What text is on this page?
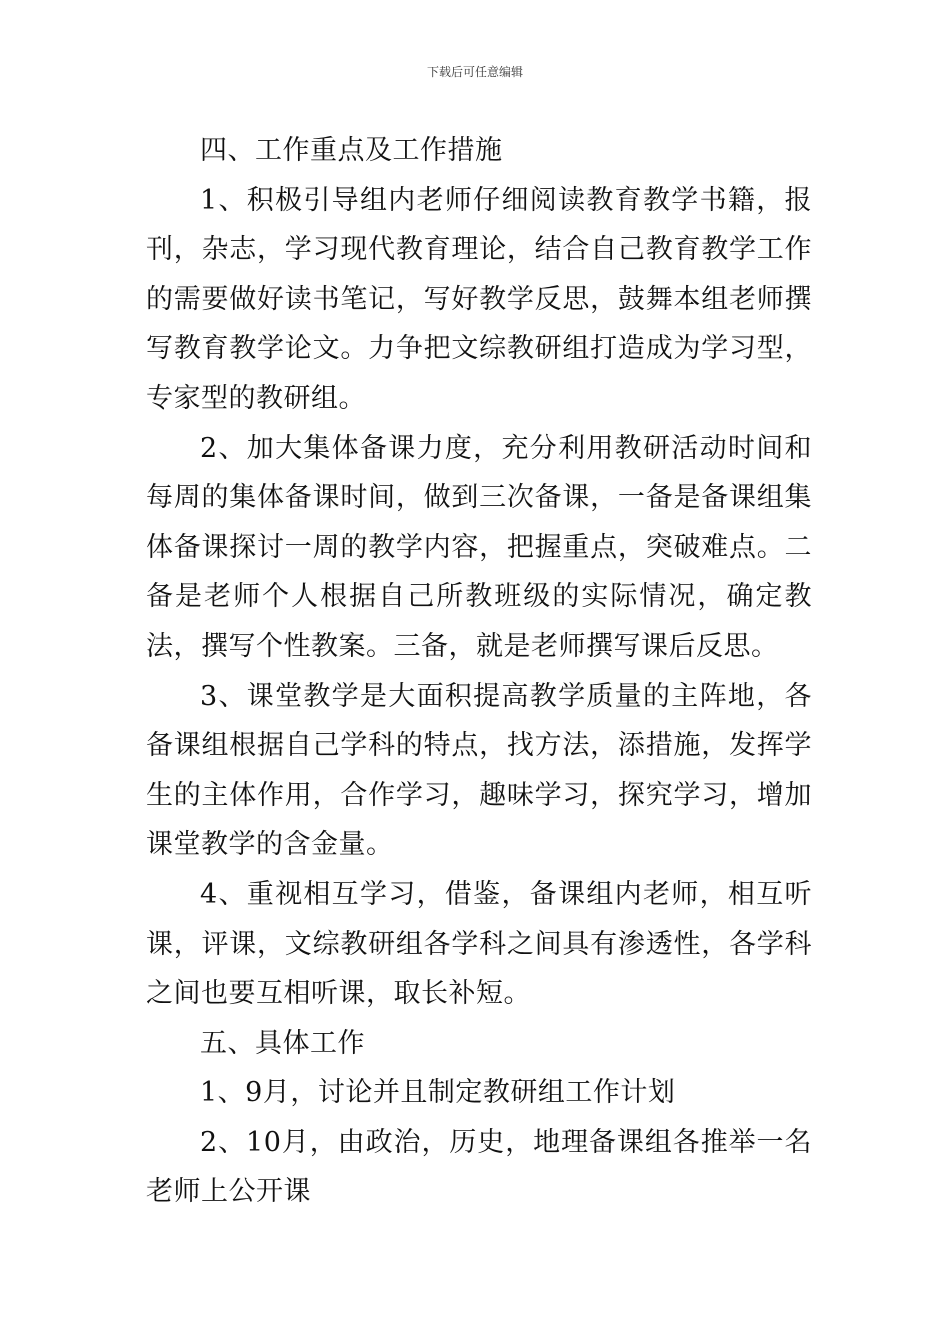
下载后可任意编辑

四、工作重点及工作措施

1、积极引导组内老师仔细阅读教育教学书籍，报刊，杂志，学习现代教育理论，结合自己教育教学工作的需要做好读书笔记，写好教学反思，鼓舞本组老师撰写教育教学论文。力争把文综教研组打造成为学习型，专家型的教研组。

2、加大集体备课力度，充分利用教研活动时间和每周的集体备课时间，做到三次备课，一备是备课组集体备课探讨一周的教学内容，把握重点，突破难点。二备是老师个人根据自己所教班级的实际情况，确定教法，撰写个性教案。三备，就是老师撰写课后反思。

3、课堂教学是大面积提高教学质量的主阵地，各备课组根据自己学科的特点，找方法，添措施，发挥学生的主体作用，合作学习，趣味学习，探究学习，增加课堂教学的含金量。

4、重视相互学习，借鉴，备课组内老师，相互听课，评课，文综教研组各学科之间具有渗透性，各学科之间也要互相听课，取长补短。

五、具体工作

1、9月，讨论并且制定教研组工作计划

2、10月，由政治，历史，地理备课组各推举一名老师上公开课
